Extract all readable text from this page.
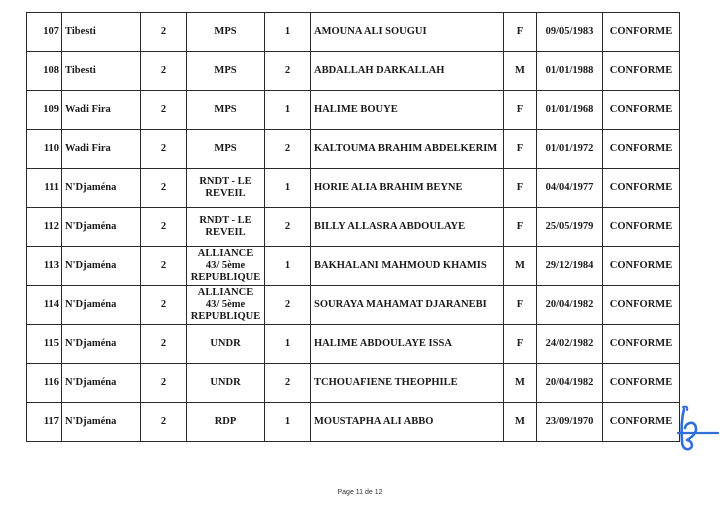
107	Tibesti	2	MPS	1	AMOUNA ALI SOUGUI	F	09/05/1983	CONFORME
108	Tibesti	2	MPS	2	ABDALLAH DARKALLAH	M	01/01/1988	CONFORME
109	Wadi Fira	2	MPS	1	HALIME BOUYE	F	01/01/1968	CONFORME
110	Wadi Fira	2	MPS	2	KALTOUMA BRAHIM ABDELKERIM	F	01/01/1972	CONFORME
111	N'Djaména	2	RNDT - LE REVEIL	1	HORIE ALIA BRAHIM BEYNE	F	04/04/1977	CONFORME
112	N'Djaména	2	RNDT - LE REVEIL	2	BILLY ALLASRA ABDOULAYE	F	25/05/1979	CONFORME
113	N'Djaména	2	ALLIANCE 43/ 5ème REPUBLIQUE	1	BAKHALANI MAHMOUD KHAMIS	M	29/12/1984	CONFORME
114	N'Djaména	2	ALLIANCE 43/ 5ème REPUBLIQUE	2	SOURAYA MAHAMAT DJARANEBI	F	20/04/1982	CONFORME
115	N'Djaména	2	UNDR	1	HALIME ABDOULAYE ISSA	F	24/02/1982	CONFORME
116	N'Djaména	2	UNDR	2	TCHOUAFIENE THEOPHILE	M	20/04/1982	CONFORME
117	N'Djaména	2	RDP	1	MOUSTAPHA ALI ABBO	M	23/09/1970	CONFORME
Page 11 de 12
